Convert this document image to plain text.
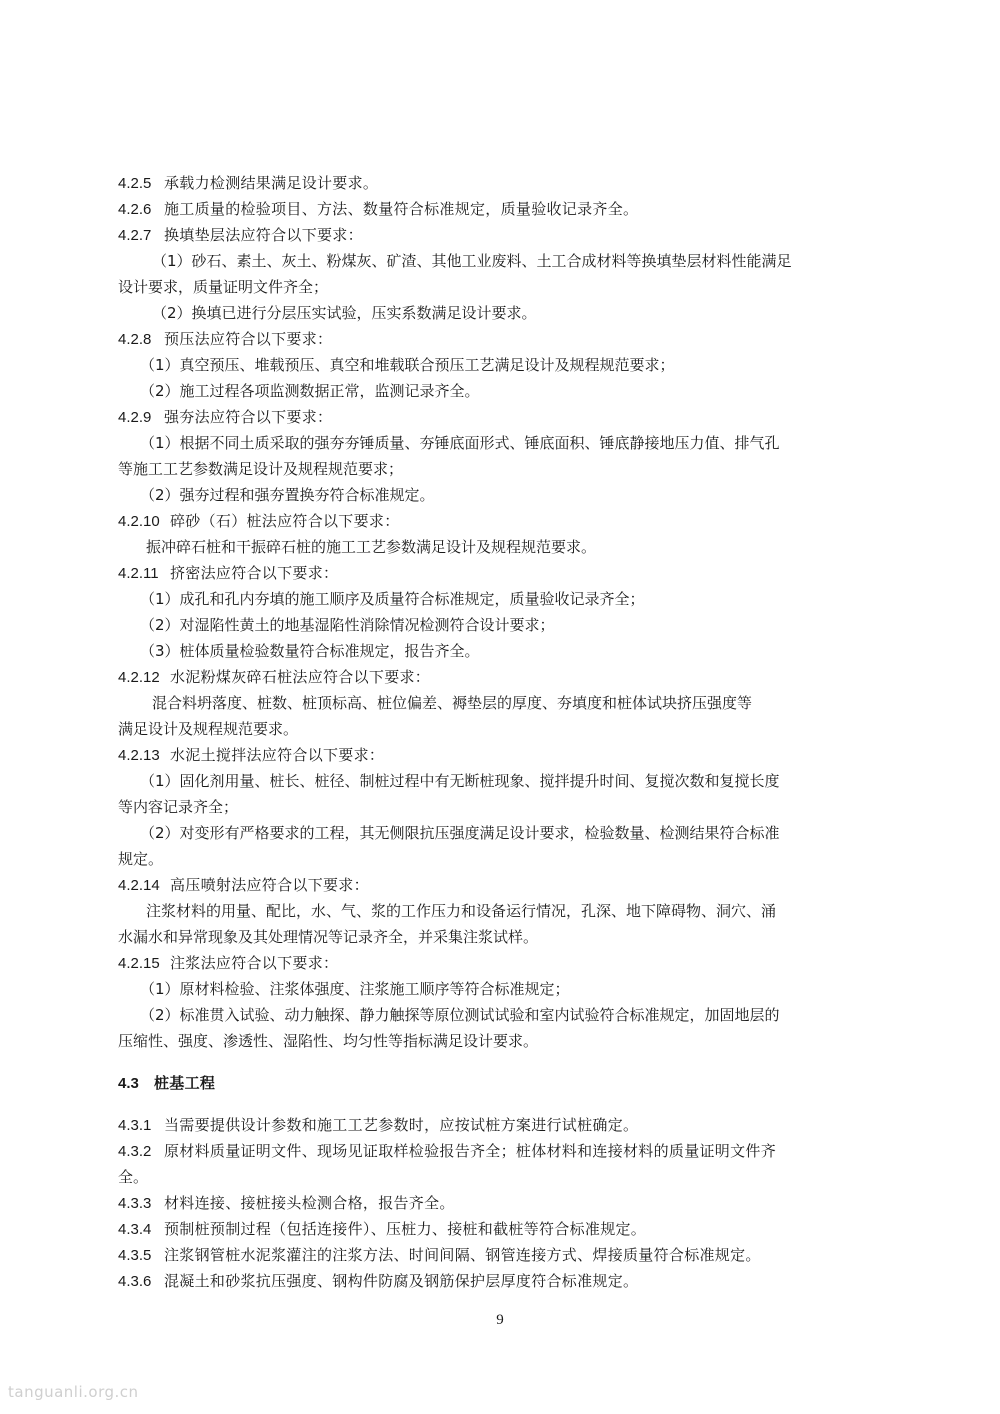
4.2.5 承载力检测结果满足设计要求。
4.2.6 施工质量的检验项目、方法、数量符合标准规定，质量验收记录齐全。
4.2.7 换填垫层法应符合以下要求：
（1）砂石、素土、灰土、粉煤灰、矿渣、其他工业废料、土工合成材料等换填垫层材料性能满足
设计要求，质量证明文件齐全；
（2）换填已进行分层压实试验，压实系数满足设计要求。
4.2.8 预压法应符合以下要求：
（1）真空预压、堆载预压、真空和堆载联合预压工艺满足设计及规程规范要求；
（2）施工过程各项监测数据正常，监测记录齐全。
4.2.9 强夯法应符合以下要求：
（1）根据不同土质采取的强夯夯锤质量、夯锤底面形式、锤底面积、锤底静接地压力值、排气孔
等施工工艺参数满足设计及规程规范要求；
（2）强夯过程和强夯置换夯符合标准规定。
4.2.10 碎砂（石）桩法应符合以下要求：
振冲碎石桩和干振碎石桩的施工工艺参数满足设计及规程规范要求。
4.2.11 挤密法应符合以下要求：
（1）成孔和孔内夯填的施工顺序及质量符合标准规定，质量验收记录齐全；
（2）对湿陷性黄土的地基湿陷性消除情况检测符合设计要求；
（3）桩体质量检验数量符合标准规定，报告齐全。
4.2.12 水泥粉煤灰碎石桩法应符合以下要求：
混合料坍落度、桩数、桩顶标高、桩位偏差、褥垫层的厚度、夯填度和桩体试块挤压强度等
满足设计及规程规范要求。
4.2.13 水泥土搅拌法应符合以下要求：
（1）固化剂用量、桩长、桩径、制桩过程中有无断桩现象、搅拌提升时间、复搅次数和复搅长度
等内容记录齐全；
（2）对变形有严格要求的工程，其无侧限抗压强度满足设计要求，检验数量、检测结果符合标准
规定。
4.2.14 高压喷射法应符合以下要求：
注浆材料的用量、配比，水、气、浆的工作压力和设备运行情况，孔深、地下障碍物、洞穴、涌
水漏水和异常现象及其处理情况等记录齐全，并采集注浆试样。
4.2.15 注浆法应符合以下要求：
（1）原材料检验、注浆体强度、注浆施工顺序等符合标准规定；
（2）标准贯入试验、动力触探、静力触探等原位测试试验和室内试验符合标准规定，加固地层的
压缩性、强度、渗透性、湿陷性、均匀性等指标满足设计要求。
4.3 桩基工程
4.3.1 当需要提供设计参数和施工工艺参数时，应按试桩方案进行试桩确定。
4.3.2 原材料质量证明文件、现场见证取样检验报告齐全；桩体材料和连接材料的质量证明文件齐
全。
4.3.3 材料连接、接桩接头检测合格，报告齐全。
4.3.4 预制桩预制过程（包括连接件）、压桩力、接桩和截桩等符合标准规定。
4.3.5 注浆钢管桩水泥浆灌注的注浆方法、时间间隔、钢管连接方式、焊接质量符合标准规定。
4.3.6 混凝土和砂浆抗压强度、钢构件防腐及钢筋保护层厚度符合标准规定。
9
tanguanli.org.cn
